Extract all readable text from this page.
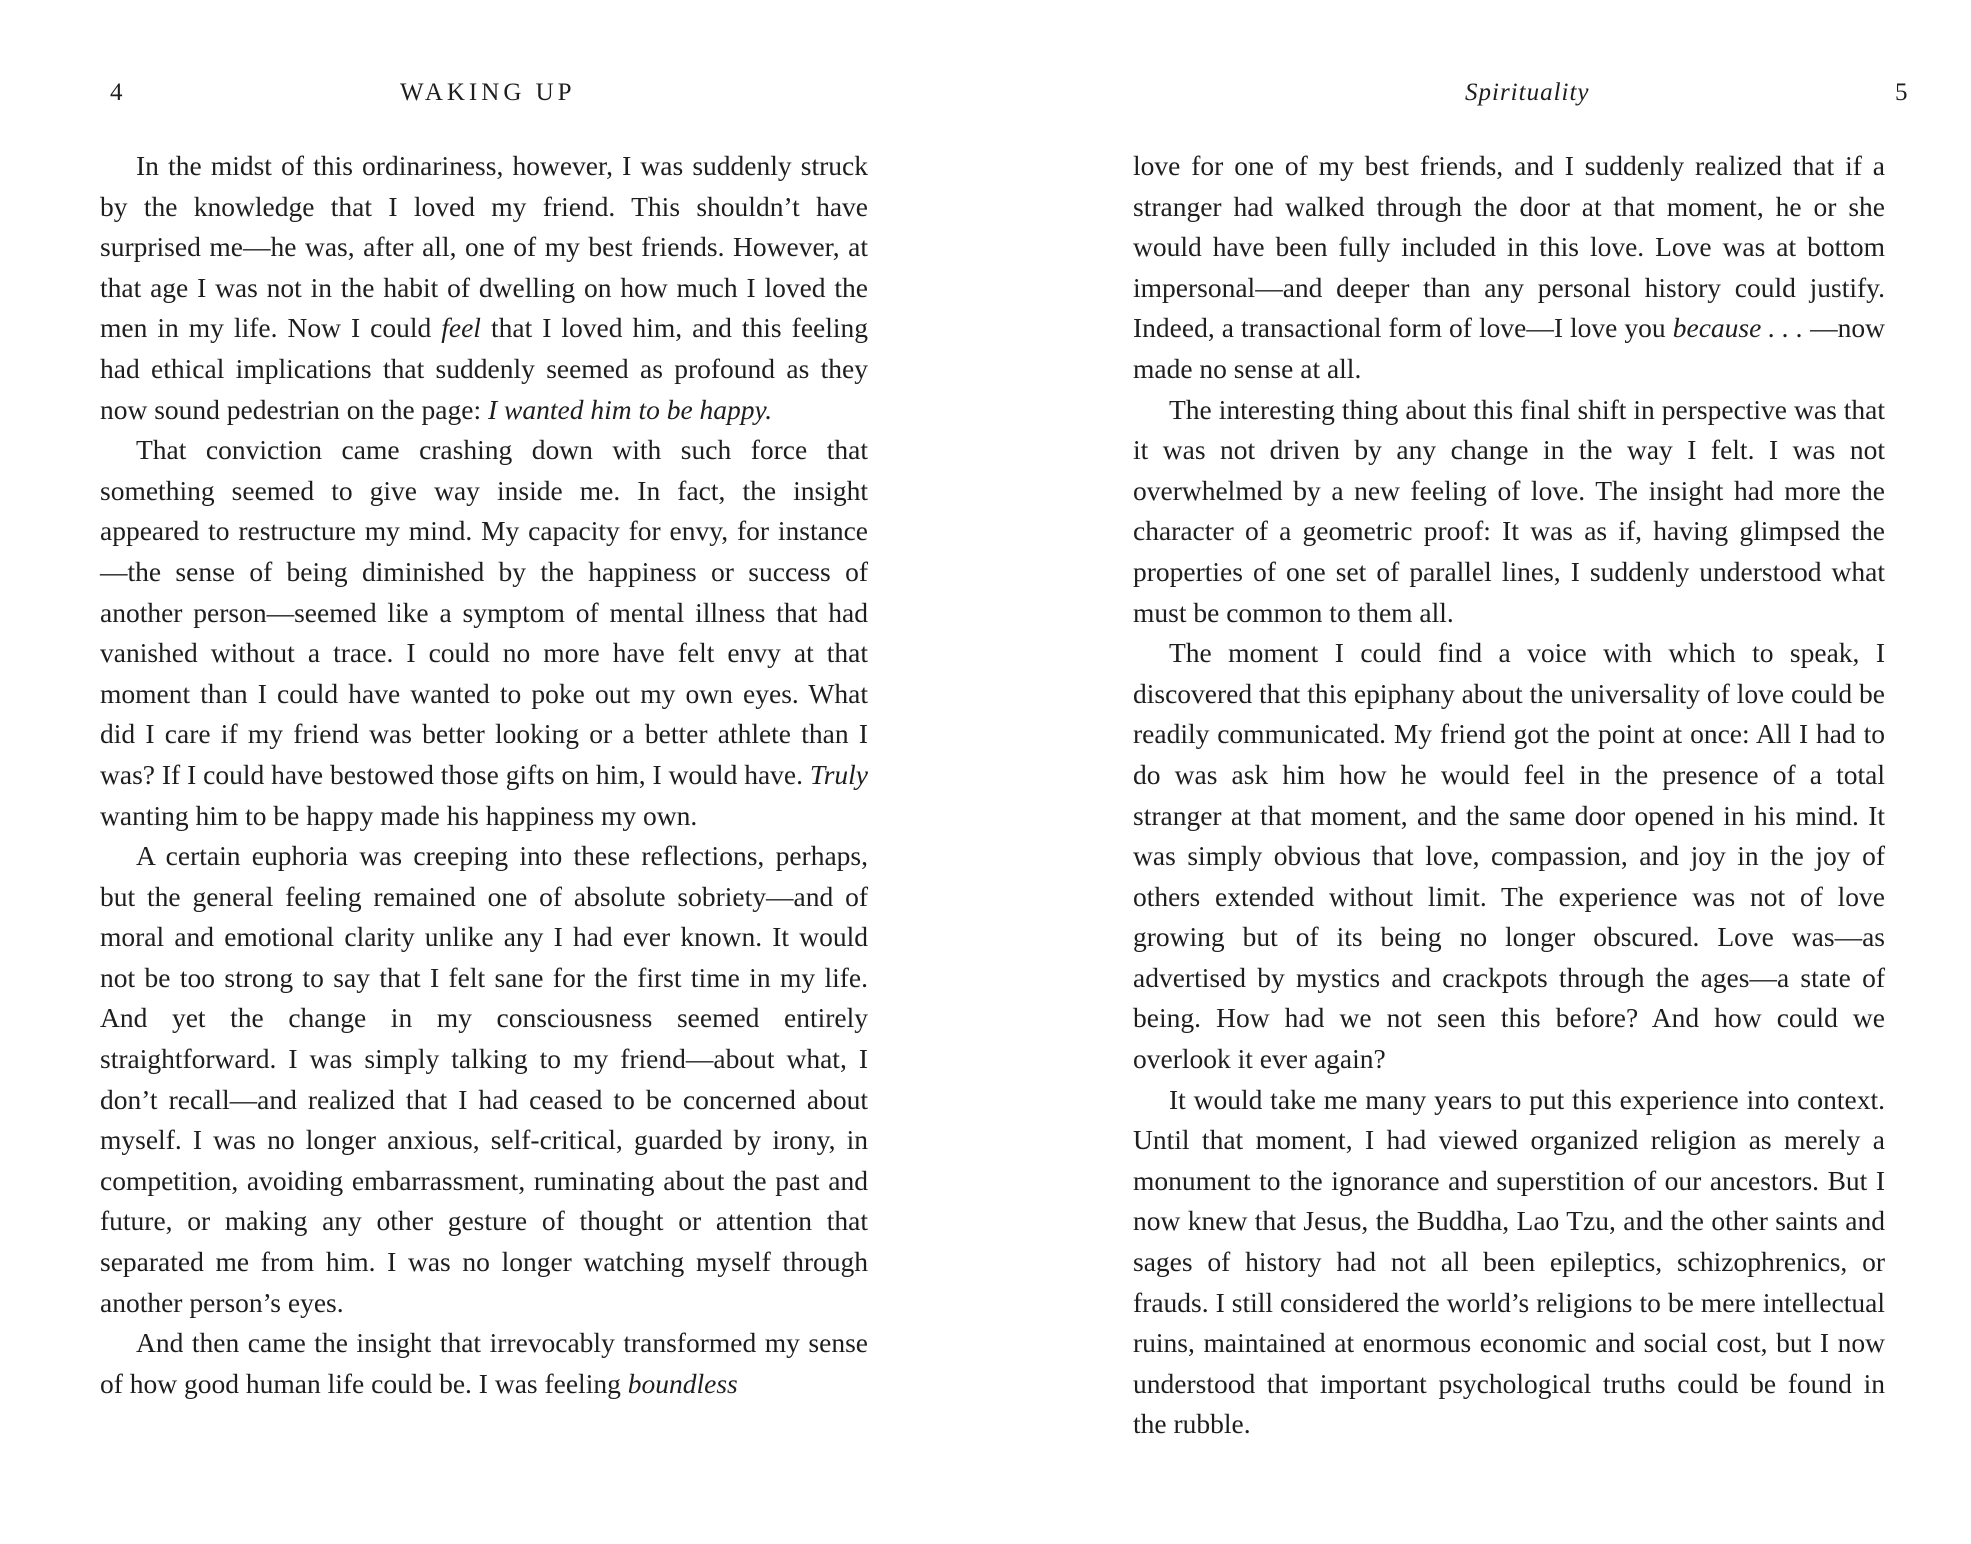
4	WAKING UP

In the midst of this ordinariness, however, I was suddenly struck by the knowledge that I loved my friend. This shouldn’t have surprised me—he was, after all, one of my best friends. However, at that age I was not in the habit of dwelling on how much I loved the men in my life. Now I could feel that I loved him, and this feeling had ethical implications that suddenly seemed as profound as they now sound pedestrian on the page: I wanted him to be happy.

That conviction came crashing down with such force that something seemed to give way inside me. In fact, the insight appeared to restructure my mind. My capacity for envy, for instance—the sense of being diminished by the happiness or success of another person—seemed like a symptom of mental illness that had vanished without a trace. I could no more have felt envy at that moment than I could have wanted to poke out my own eyes. What did I care if my friend was better looking or a better athlete than I was? If I could have bestowed those gifts on him, I would have. Truly wanting him to be happy made his happiness my own.

A certain euphoria was creeping into these reflections, perhaps, but the general feeling remained one of absolute sobriety—and of moral and emotional clarity unlike any I had ever known. It would not be too strong to say that I felt sane for the first time in my life. And yet the change in my consciousness seemed entirely straightforward. I was simply talking to my friend—about what, I don’t recall—and realized that I had ceased to be concerned about myself. I was no longer anxious, self-critical, guarded by irony, in competition, avoiding embarrassment, ruminating about the past and future, or making any other gesture of thought or attention that separated me from him. I was no longer watching myself through another person’s eyes.

And then came the insight that irrevocably transformed my sense of how good human life could be. I was feeling boundless

Spirituality	5

love for one of my best friends, and I suddenly realized that if a stranger had walked through the door at that moment, he or she would have been fully included in this love. Love was at bottom impersonal—and deeper than any personal history could justify. Indeed, a transactional form of love—I love you because . . . —now made no sense at all.

The interesting thing about this final shift in perspective was that it was not driven by any change in the way I felt. I was not overwhelmed by a new feeling of love. The insight had more the character of a geometric proof: It was as if, having glimpsed the properties of one set of parallel lines, I suddenly understood what must be common to them all.

The moment I could find a voice with which to speak, I discovered that this epiphany about the universality of love could be readily communicated. My friend got the point at once: All I had to do was ask him how he would feel in the presence of a total stranger at that moment, and the same door opened in his mind. It was simply obvious that love, compassion, and joy in the joy of others extended without limit. The experience was not of love growing but of its being no longer obscured. Love was—as advertised by mystics and crackpots through the ages—a state of being. How had we not seen this before? And how could we overlook it ever again?

It would take me many years to put this experience into context. Until that moment, I had viewed organized religion as merely a monument to the ignorance and superstition of our ancestors. But I now knew that Jesus, the Buddha, Lao Tzu, and the other saints and sages of history had not all been epileptics, schizophrenics, or frauds. I still considered the world’s religions to be mere intellectual ruins, maintained at enormous economic and social cost, but I now understood that important psychological truths could be found in the rubble.
